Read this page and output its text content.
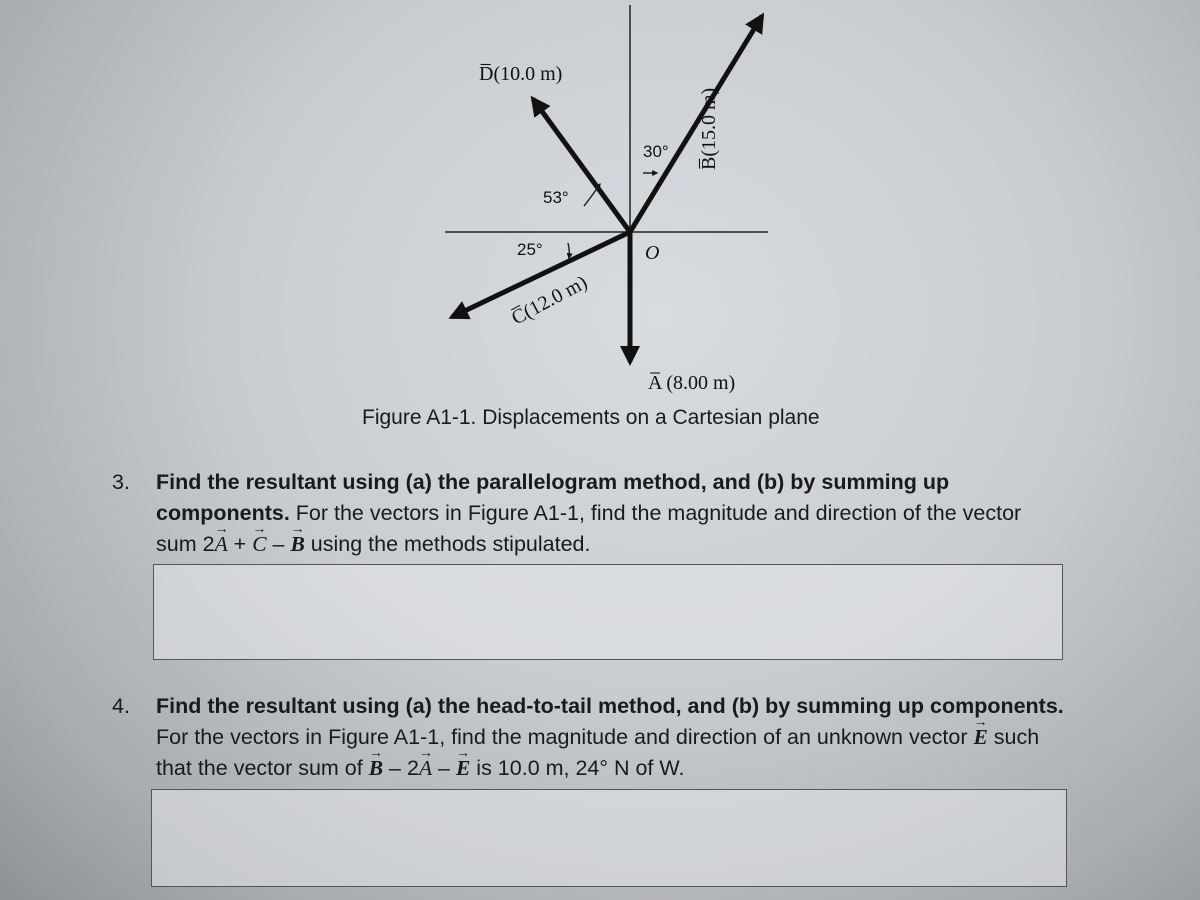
D̅(10.0 m)
B̅(15.0 m)
C̅(12.0 m)
A̅ (8.00 m)
O
53°
30°
25°
Figure A1-1. Displacements on a Cartesian plane
3. Find the resultant using (a) the parallelogram method, and (b) by summing up components. For the vectors in Figure A1-1, find the magnitude and direction of the vector sum 2→ A + → C – → B using the methods stipulated.
4. Find the resultant using (a) the head-to-tail method, and (b) by summing up components. For the vectors in Figure A1-1, find the magnitude and direction of an unknown vector → E such that the vector sum of → B – 2→ A – → E is 10.0 m, 24° N of W.
